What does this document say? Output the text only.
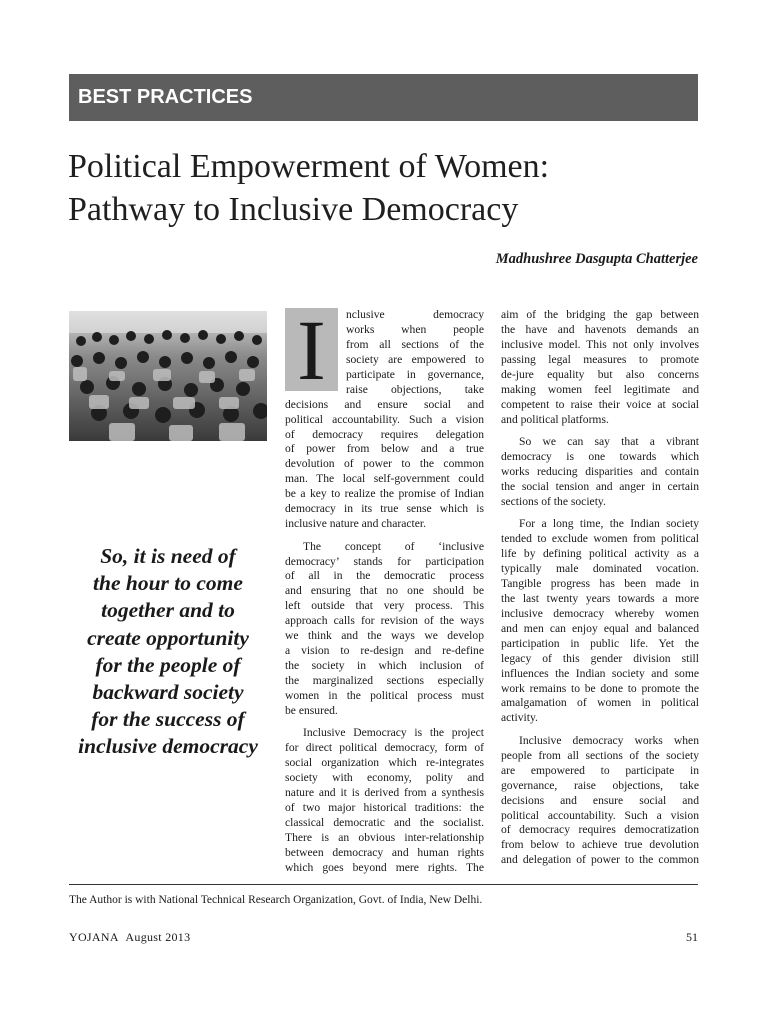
BEST PRACTICES
Political Empowerment of Women:
Pathway to Inclusive Democracy
Madhushree Dasgupta Chatterjee
So, it is need of
the hour to come
together and to
create opportunity
for the people of
backward society
for the success of
inclusive democracy
I	nclusive democracy
works when people
from all sections of the
society are empowered to
participate in governance,
raise objections, take
decisions and ensure social and
political accountability. Such a vision
of democracy requires delegation
of power from below and a true
devolution of power to the common
man. The local self-government could
be a key to realize the promise of Indian
democracy in its true sense which is
inclusive nature and character.
The concept of ‘inclusive
democracy’ stands for participation
of all in the democratic process
and ensuring that no one should be
left outside that very process. This
approach calls for revision of the ways
we think and the ways we develop
a vision to re-design and re-define
the society in which inclusion of
the marginalized sections especially
women in the political process must
be ensured.
Inclusive Democracy is the project
for direct political democracy, form of
social organization which re-integrates
society with economy, polity and
nature and it is derived from a synthesis
of two major historical traditions: the
classical democratic and the socialist.
There is an obvious inter-relationship
between democracy and human rights
which goes beyond mere rights. The
aim of the bridging the gap between
the have and havenots demands an
inclusive model. This not only involves
passing legal measures to promote
de-jure equality but also concerns
making women feel legitimate and
competent to raise their voice at social
and political platforms.
So we can say that a vibrant
democracy is one towards which
works reducing disparities and contain
the social tension and anger in certain
sections of the society.
For a long time, the Indian society
tended to exclude women from political
life by defining political activity as a
typically male dominated vocation.
Tangible progress has been made in
the last twenty years towards a more
inclusive democracy whereby women
and men can enjoy equal and balanced
participation in public life. Yet the
legacy of this gender division still
influences the Indian society and some
work remains to be done to promote the
amalgamation of women in political
activity.
Inclusive democracy works when
people from all sections of the society
are empowered to participate in
governance, raise objections, take
decisions and ensure social and
political accountability. Such a vision
of democracy requires democratization
from below to achieve true devolution
and delegation of power to the common
The Author is with National Technical Research Organization, Govt. of India, New Delhi.
YOJANA August 2013	51
